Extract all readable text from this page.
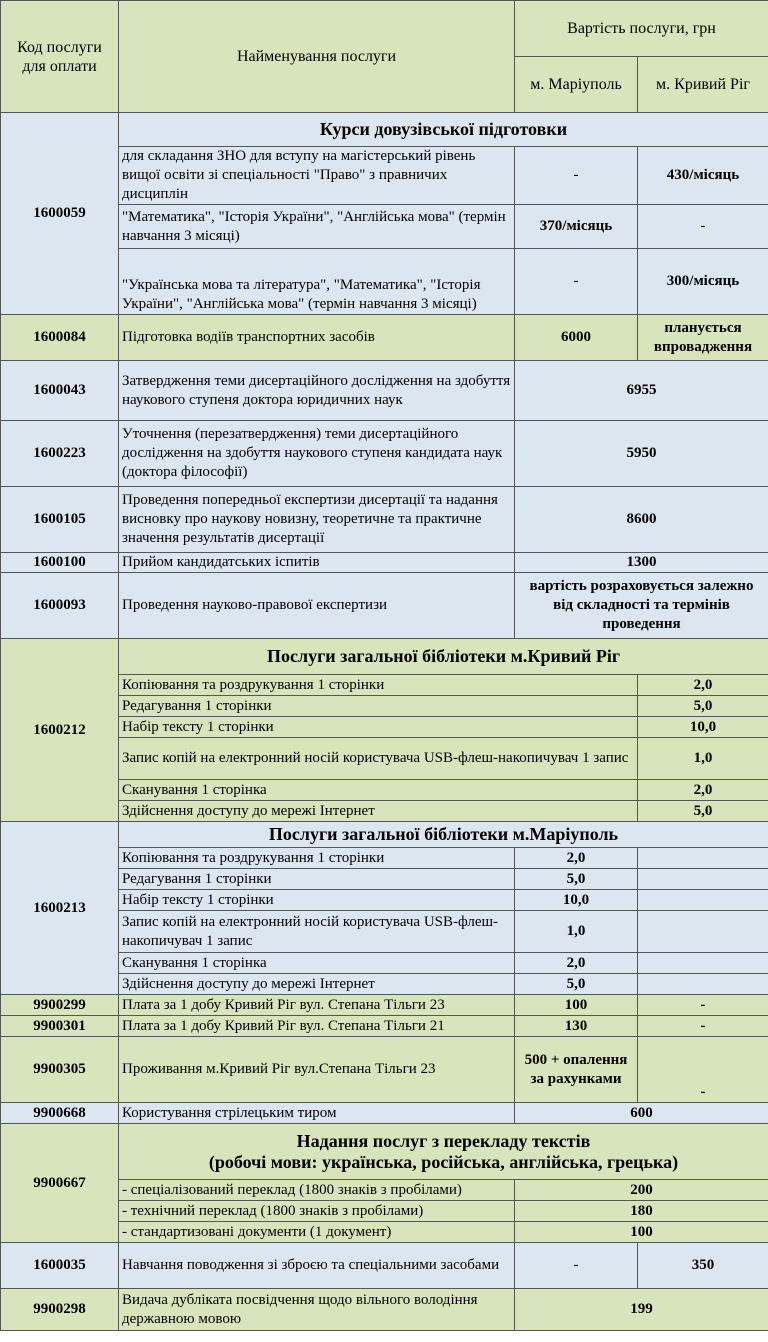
Код послуги для оплати	Найменування послуги	Вартість послуги, грн	
		м. Маріуполь	м. Кривий Ріг
1600059	Курси довузівської підготовки		
	для складання ЗНО для вступу на магістерський рівень вищої освіти зі спеціальності "Право" з правничих дисциплін	-	430/місяць
	"Математика", "Історія України", "Англійська мова" (термін навчання 3 місяці)	370/місяць	-
	"Українська мова та література", "Математика", "Історія України", "Англійська мова" (термін навчання 3 місяці)	-	300/місяць
1600084	Підготовка водіїв транспортних засобів	6000	планується впровадження
1600043	Затвердження теми дисертаційного дослідження на здобуття наукового ступеня доктора юридичних наук	6955	
1600223	Уточнення (перезатвердження) теми дисертаційного дослідження на здобуття наукового ступеня кандидата наук (доктора філософії)	5950	
1600105	Проведення попередньої експертизи дисертації та надання висновку про наукову новизну, теоретичне та практичне значення результатів дисертації	8600	
1600100	Прийом кандидатських іспитів	1300	
1600093	Проведення науково-правової експертизи	вартість розраховується залежно від складності та термінів проведення	
1600212	Послуги загальної бібліотеки м.Кривий Ріг		
	Копіювання та роздрукування 1 сторінки		2,0
	Редагування 1 сторінки		5,0
	Набір тексту 1 сторінки		10,0
	Запис копій на електронний носій користувача USB-флеш-накопичувач 1 запис		1,0
	Сканування 1 сторінка		2,0
	Здійснення доступу до мережі Інтернет		5,0
1600213	Послуги загальної бібліотеки м.Маріуполь		
	Копіювання та роздрукування 1 сторінки	2,0	
	Редагування 1 сторінки	5,0	
	Набір тексту 1 сторінки	10,0	
	Запис копій на електронний носій користувача USB-флеш-накопичувач 1 запис	1,0	
	Сканування 1 сторінка	2,0	
	Здійснення доступу до мережі Інтернет	5,0	
9900299	Плата за 1 добу Кривий Ріг вул. Степана Тільги 23	100	-
9900301	Плата за 1 добу Кривий Ріг вул. Степана Тільги 21	130	-
9900305	Проживання м.Кривий Ріг вул.Степана Тільги 23	500 + опалення за рахунками	-
9900668	Користування стрілецьким тиром	600	
9900667	Надання послуг з перекладу текстів
(робочі мови: українська, російська, англійська, грецька)		

	- спеціалізований переклад (1800 знаків з пробілами)	200	
	- технічний переклад (1800 знаків з пробілами)	180	
	- стандартизовані документи (1 документ)	100	
1600035	Навчання поводження зі зброєю та спеціальними засобами	-	350
9900298	Видача дубліката посвідчення щодо вільного володіння державною мовою	199	
